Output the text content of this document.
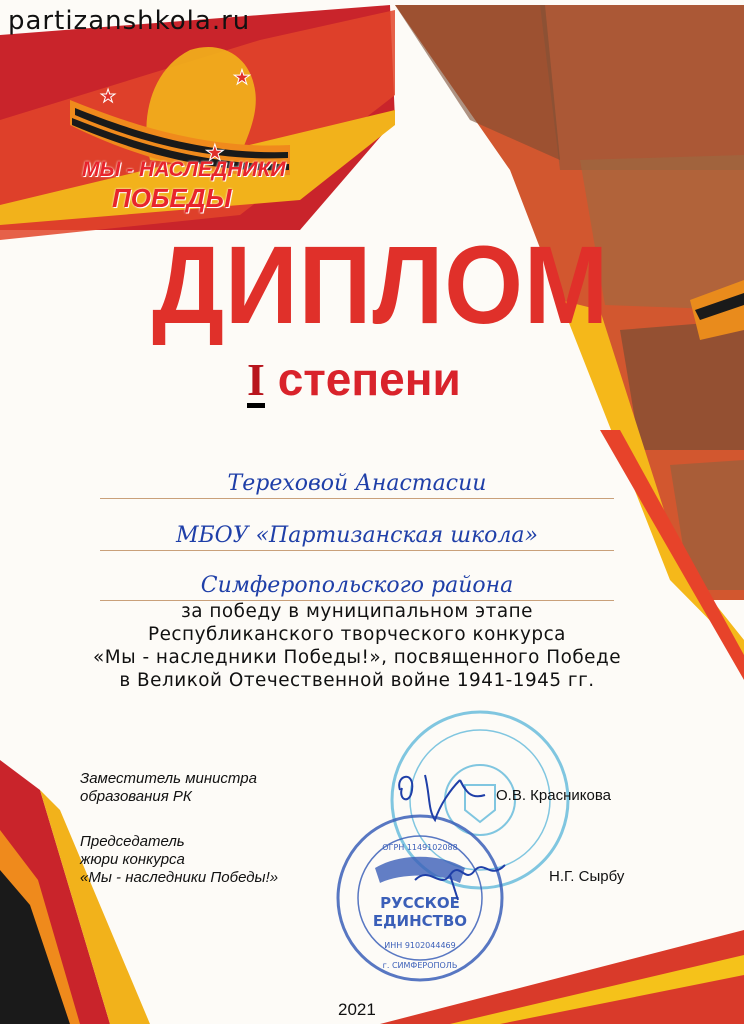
★
★
★
partizanshkola.ru
МЫ - НАСЛЕДНИКИ
ПОБЕДЫ
ДИПЛОМ
I степени
Тереховой Анастасии
МБОУ «Партизанская школа»
Симферопольского района
за победу в муниципальном этапе
Республиканского творческого конкурса
«Мы - наследники Победы!», посвященного Победе
в Великой Отечественной войне 1941-1945 гг.
РУССКОЕ
ЕДИНСТВО
ОГРН 1149102088
ИНН 9102044469
г. СИМФЕРОПОЛЬ
Заместитель министра
образования РК	О.В. Красникова
Председатель
жюри конкурса
«Мы - наследники Победы!»	Н.Г. Сырбу
2021
